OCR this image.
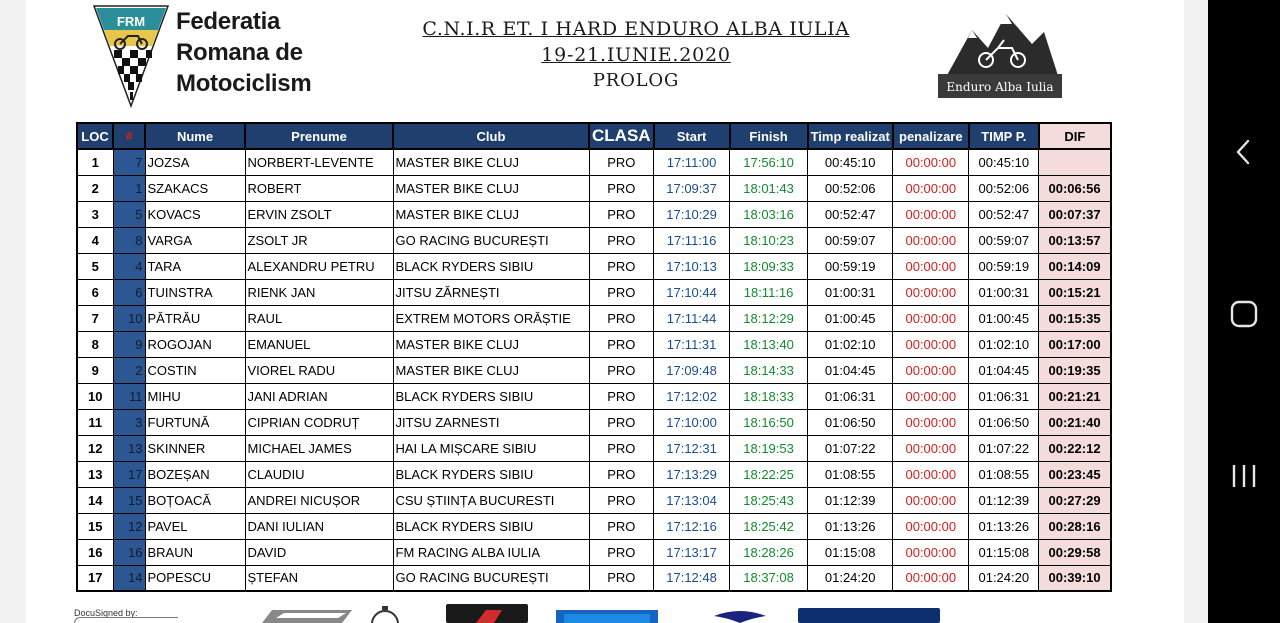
FRM Federatia
Romana de
Motociclism
C.N.I.R ET. I HARD ENDURO ALBA IULIA
19-21.IUNIE.2020
PROLOG	Enduro Alba Iulia
LOC	#	Nume	Prenume	Club	CLASA	Start	Finish	Timp realizat	penalizare	TIMP P.	DIF
1	7	JOZSA	NORBERT-LEVENTE	MASTER BIKE CLUJ	PRO	17:11:00	17:56:10	00:45:10	00:00:00	00:45:10	
2	1	SZAKACS	ROBERT	MASTER BIKE CLUJ	PRO	17:09:37	18:01:43	00:52:06	00:00:00	00:52:06	00:06:56
3	5	KOVACS	ERVIN ZSOLT	MASTER BIKE CLUJ	PRO	17:10:29	18:03:16	00:52:47	00:00:00	00:52:47	00:07:37
4	8	VARGA	ZSOLT JR	GO RACING BUCUREȘTI	PRO	17:11:16	18:10:23	00:59:07	00:00:00	00:59:07	00:13:57
5	4	TARA	ALEXANDRU PETRU	BLACK RYDERS SIBIU	PRO	17:10:13	18:09:33	00:59:19	00:00:00	00:59:19	00:14:09
6	6	TUINSTRA	RIENK JAN	JITSU ZĂRNEȘTI	PRO	17:10:44	18:11:16	01:00:31	00:00:00	01:00:31	00:15:21
7	10	PĂTRĂU	RAUL	EXTREM MOTORS ORĂȘTIE	PRO	17:11:44	18:12:29	01:00:45	00:00:00	01:00:45	00:15:35
8	9	ROGOJAN	EMANUEL	MASTER BIKE CLUJ	PRO	17:11:31	18:13:40	01:02:10	00:00:00	01:02:10	00:17:00
9	2	COSTIN	VIOREL RADU	MASTER BIKE CLUJ	PRO	17:09:48	18:14:33	01:04:45	00:00:00	01:04:45	00:19:35
10	11	MIHU	JANI ADRIAN	BLACK RYDERS SIBIU	PRO	17:12:02	18:18:33	01:06:31	00:00:00	01:06:31	00:21:21
11	3	FURTUNĂ	CIPRIAN CODRUȚ	JITSU ZARNESTI	PRO	17:10:00	18:16:50	01:06:50	00:00:00	01:06:50	00:21:40
12	13	SKINNER	MICHAEL JAMES	HAI LA MIȘCARE SIBIU	PRO	17:12:31	18:19:53	01:07:22	00:00:00	01:07:22	00:22:12
13	17	BOZEȘAN	CLAUDIU	BLACK RYDERS SIBIU	PRO	17:13:29	18:22:25	01:08:55	00:00:00	01:08:55	00:23:45
14	15	BOȚOACĂ	ANDREI NICUȘOR	CSU ȘTIINȚA BUCURESTI	PRO	17:13:04	18:25:43	01:12:39	00:00:00	01:12:39	00:27:29
15	12	PAVEL	DANI IULIAN	BLACK RYDERS SIBIU	PRO	17:12:16	18:25:42	01:13:26	00:00:00	01:13:26	00:28:16
16	16	BRAUN	DAVID	FM RACING ALBA IULIA	PRO	17:13:17	18:28:26	01:15:08	00:00:00	01:15:08	00:29:58
17	14	POPESCU	ȘTEFAN	GO RACING BUCUREȘTI	PRO	17:12:48	18:37:08	01:24:20	00:00:00	01:24:20	00:39:10
DocuSigned by:
